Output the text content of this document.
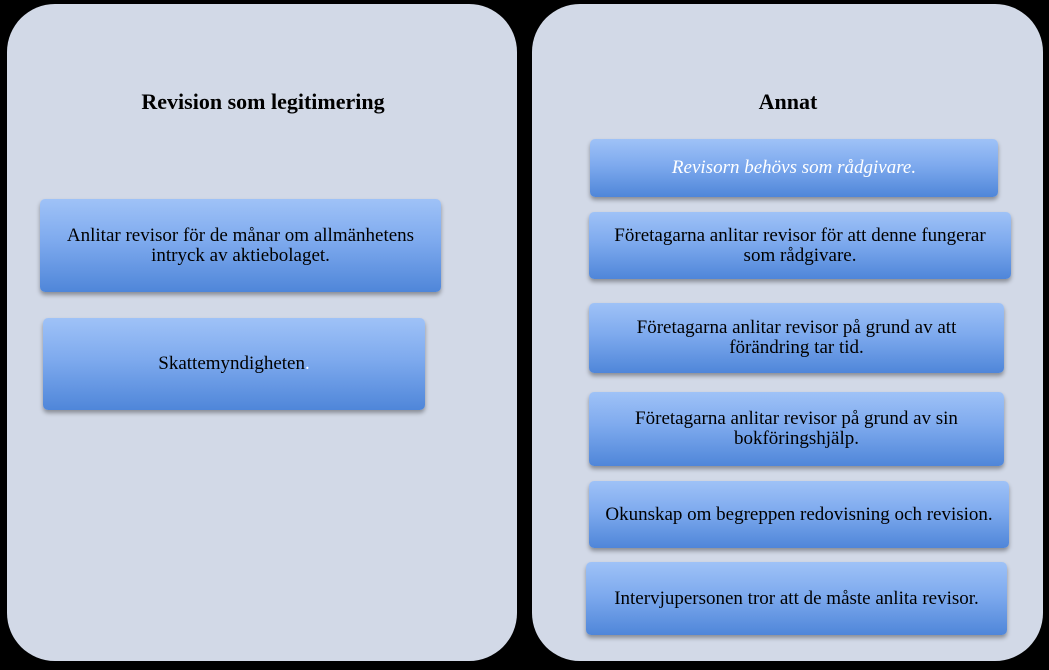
Revision som legitimering	Annat
Anlitar revisor för de månar om allmänhetens intryck av aktiebolaget.
Skattemyndigheten.
Revisorn behövs som rådgivare.
Företagarna anlitar revisor för att denne fungerar som rådgivare.
Företagarna anlitar revisor på grund av att förändring tar tid.
Företagarna anlitar revisor på grund av sin bokföringshjälp.
Okunskap om begreppen redovisning och revision.
Intervjupersonen tror att de måste anlita revisor.
